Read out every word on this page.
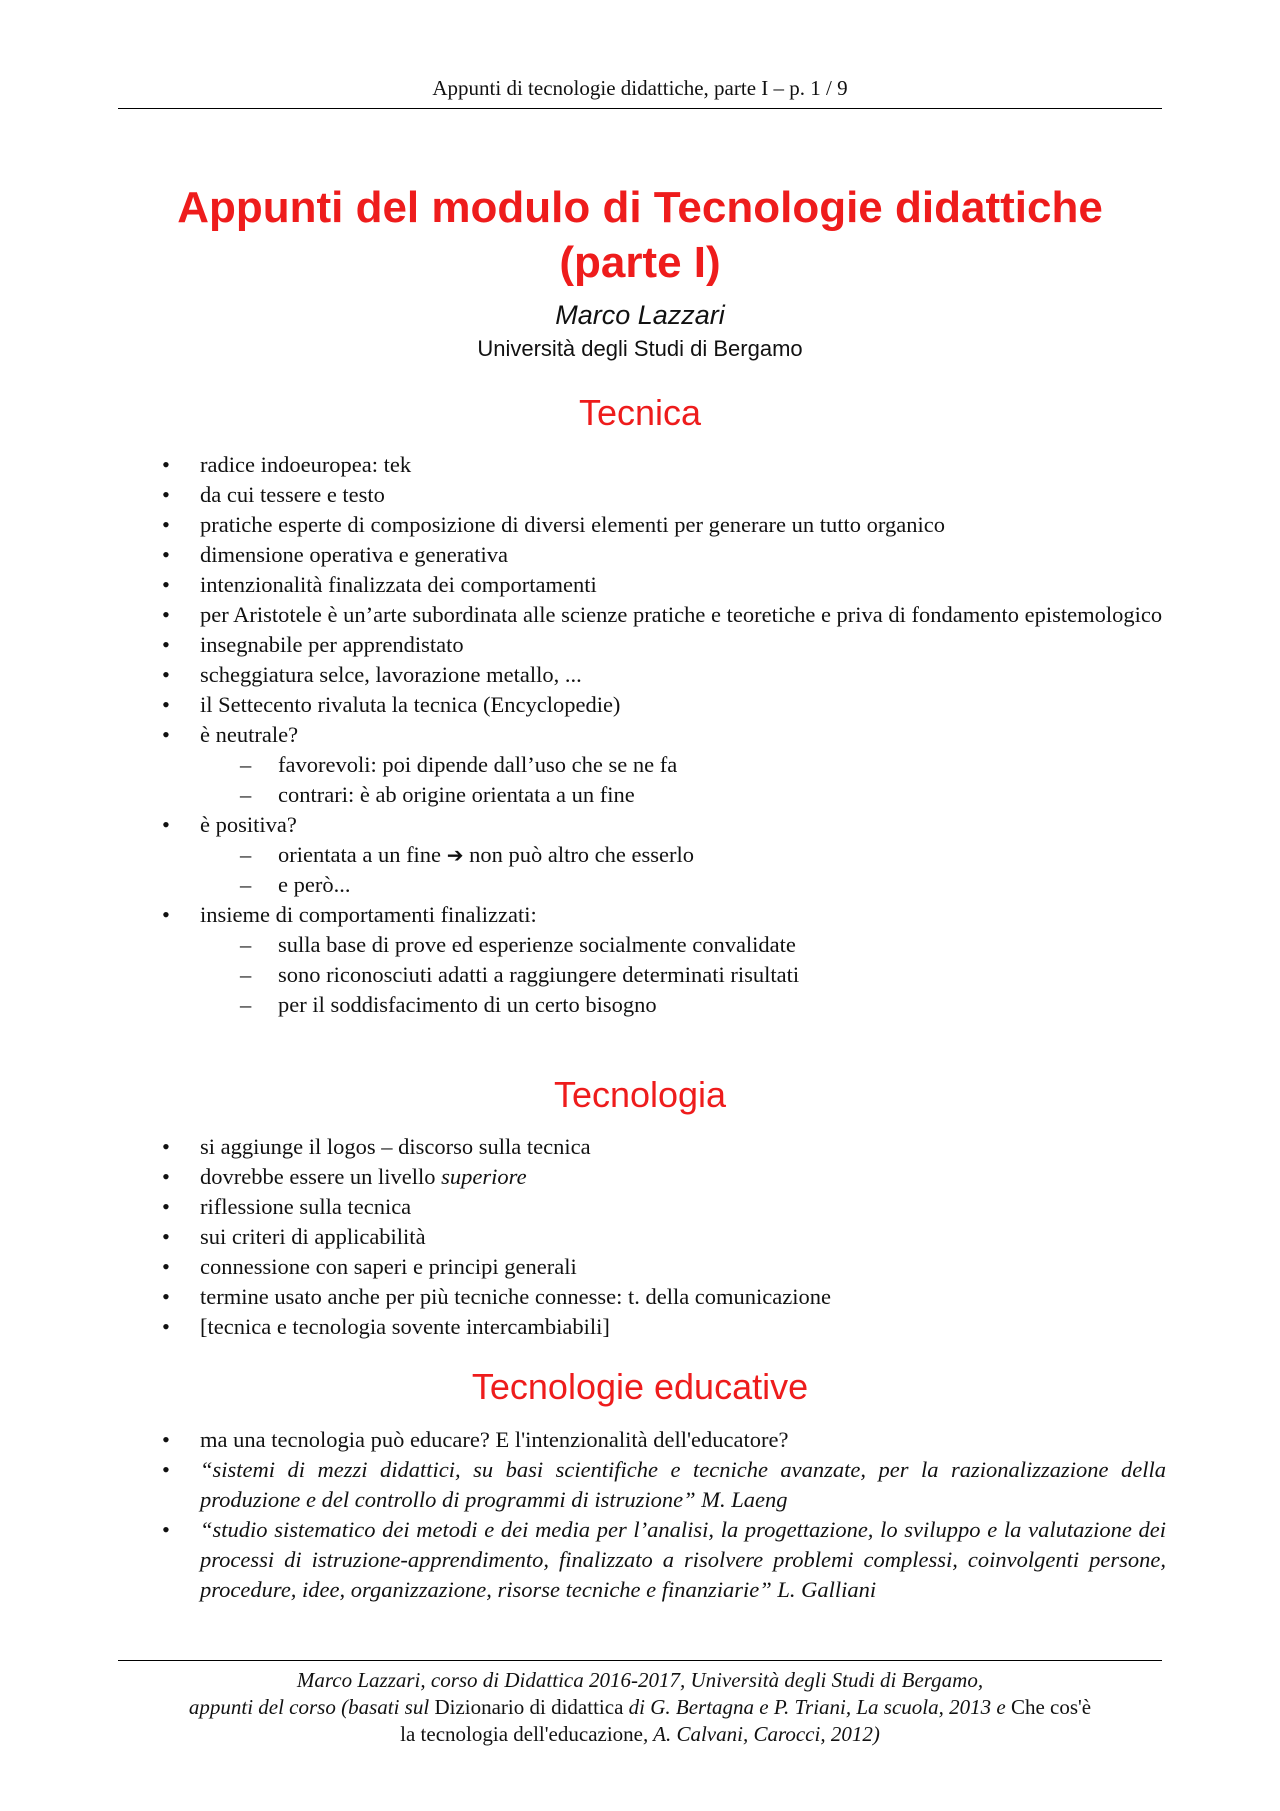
Appunti di tecnologie didattiche, parte I – p. 1 / 9
Appunti del modulo di Tecnologie didattiche
(parte I)
Marco Lazzari
Università degli Studi di Bergamo
Tecnica
• radice indoeuropea: tek
• da cui tessere e testo
• pratiche esperte di composizione di diversi elementi per generare un tutto organico
• dimensione operativa e generativa
• intenzionalità finalizzata dei comportamenti
• per Aristotele è un’arte subordinata alle scienze pratiche e teoretiche e priva di fondamento epistemologico
• insegnabile per apprendistato
• scheggiatura selce, lavorazione metallo, ...
• il Settecento rivaluta la tecnica (Encyclopedie)
• è neutrale?
– favorevoli: poi dipende dall’uso che se ne fa
– contrari: è ab origine orientata a un fine
• è positiva?
– orientata a un fine ➔ non può altro che esserlo
– e però...
• insieme di comportamenti finalizzati:
– sulla base di prove ed esperienze socialmente convalidate
– sono riconosciuti adatti a raggiungere determinati risultati
– per il soddisfacimento di un certo bisogno
Tecnologia
• si aggiunge il logos – discorso sulla tecnica
• dovrebbe essere un livello superiore
• riflessione sulla tecnica
• sui criteri di applicabilità
• connessione con saperi e principi generali
• termine usato anche per più tecniche connesse: t. della comunicazione
• [tecnica e tecnologia sovente intercambiabili]
Tecnologie educative
• ma una tecnologia può educare? E l'intenzionalità dell'educatore?
• “sistemi di mezzi didattici, su basi scientifiche e tecniche avanzate, per la razionalizzazione della produzione e del controllo di programmi di istruzione” M. Laeng
• “studio sistematico dei metodi e dei media per l’analisi, la progettazione, lo sviluppo e la valutazione dei processi di istruzione-apprendimento, finalizzato a risolvere problemi complessi, coinvolgenti persone, procedure, idee, organizzazione, risorse tecniche e finanziarie” L. Galliani
Marco Lazzari, corso di Didattica 2016-2017, Università degli Studi di Bergamo,
appunti del corso (basati sul Dizionario di didattica di G. Bertagna e P. Triani, La scuola, 2013 e Che cos'è
la tecnologia dell'educazione, A. Calvani, Carocci, 2012)
